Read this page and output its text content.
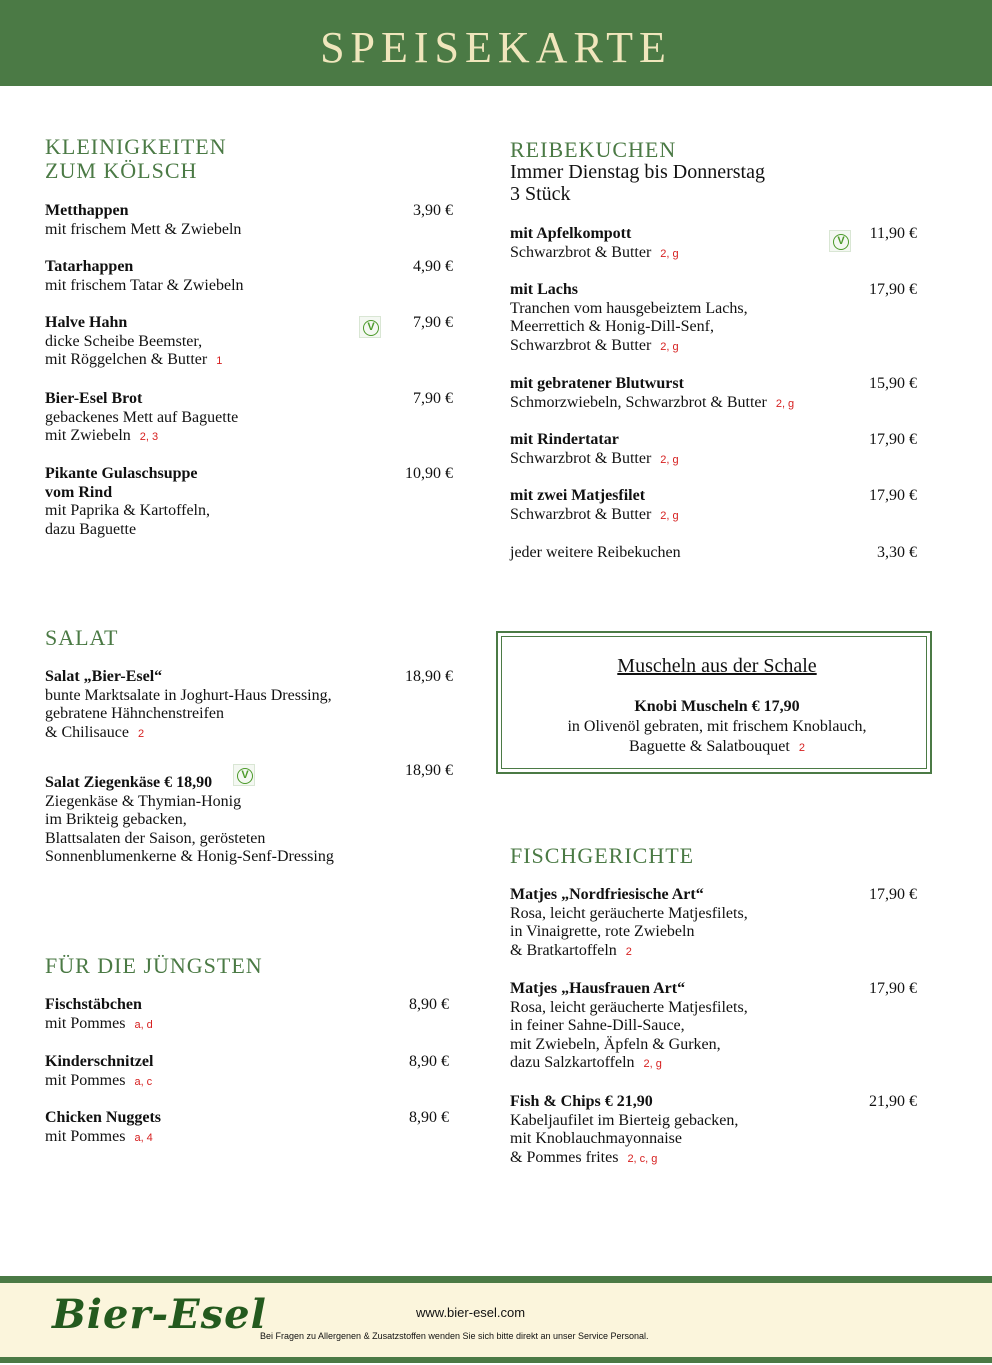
SPEISEKARTE
KLEINIGKEITEN
ZUM KÖLSCH
Metthappen
mit frischem Mett & Zwiebeln
3,90 €
Tatarhappen
mit frischem Tatar & Zwiebeln
4,90 €
Halve Hahn
dicke Scheibe Beemster,
mit Röggelchen & Butter 1
V	7,90 €
Bier-Esel Brot
gebackenes Mett auf Baguette
mit Zwiebeln 2, 3
7,90 €
Pikante Gulaschsuppe
vom Rind
mit Paprika & Kartoffeln,
dazu Baguette
10,90 €
SALAT
Salat „Bier-Esel“
bunte Marktsalate in Joghurt-Haus Dressing,
gebratene Hähnchenstreifen
& Chilisauce 2
18,90 €
Salat Ziegenkäse € 18,90
Ziegenkäse & Thymian-Honig
im Brikteig gebacken,
Blattsalaten der Saison, gerösteten
Sonnenblumenkerne & Honig-Senf-Dressing
V	18,90 €
FÜR DIE JÜNGSTEN
Fischstäbchen
mit Pommes a, d
8,90 €
Kinderschnitzel
mit Pommes a, c
8,90 €
Chicken Nuggets
mit Pommes a, 4
8,90 €
REIBEKUCHEN
Immer Dienstag bis Donnerstag
3 Stück
mit Apfelkompott
Schwarzbrot & Butter 2, g
V	11,90 €
mit Lachs
Tranchen vom hausgebeiztem Lachs,
Meerrettich & Honig-Dill-Senf,
Schwarzbrot & Butter 2, g
17,90 €
mit gebratener Blutwurst
Schmorzwiebeln, Schwarzbrot & Butter 2, g
15,90 €
mit Rindertatar
Schwarzbrot & Butter 2, g
17,90 €
mit zwei Matjesfilet
Schwarzbrot & Butter 2, g
17,90 €
jeder weitere Reibekuchen	3,30 €
Muscheln aus der Schale
Knobi Muscheln € 17,90
in Olivenöl gebraten, mit frischem Knoblauch,
Baguette & Salatbouquet 2
FISCHGERICHTE
Matjes „Nordfriesische Art“
Rosa, leicht geräucherte Matjesfilets,
in Vinaigrette, rote Zwiebeln
& Bratkartoffeln 2
17,90 €
Matjes „Hausfrauen Art“
Rosa, leicht geräucherte Matjesfilets,
in feiner Sahne-Dill-Sauce,
mit Zwiebeln, Äpfeln & Gurken,
dazu Salzkartoffeln 2, g
17,90 €
Fish & Chips € 21,90
Kabeljaufilet im Bierteig gebacken,
mit Knoblauchmayonnaise
& Pommes frites 2, c, g
21,90 €
Bier-Esel	www.bier-esel.com
Bei Fragen zu Allergenen & Zusatzstoffen wenden Sie sich bitte direkt an unser Service Personal.
